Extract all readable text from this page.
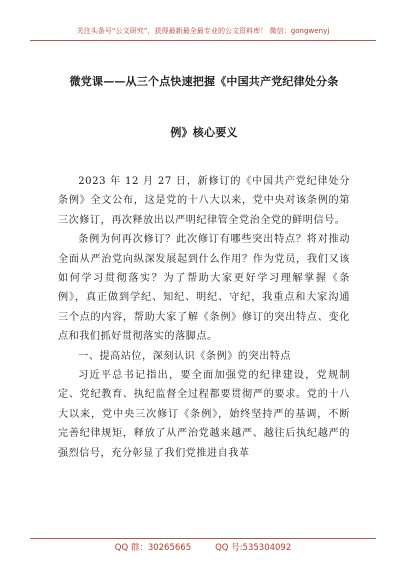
关注头条号“公文研究”，获得最新最全最专业的公文资料库！ 微信：gongwenyj
微党课——从三个点快速把握《中国共产党纪律处分条
例》核心要义

2023 年 12 月 27 日，新修订的《中国共产党纪律处分条例》全文公布，这是党的十八大以来，党中央对该条例的第三次修订，再次释放出以严明纪律管全党治全党的鲜明信号。

条例为何再次修订？此次修订有哪些突出特点？将对推动全面从严治党向纵深发展起到什么作用？作为党员，我们又该如何学习贯彻落实？为了帮助大家更好学习理解掌握《条例》，真正做到学纪、知纪、明纪、守纪，我重点和大家沟通三个点的内容，帮助大家了解《条例》修订的突出特点、变化点和我们抓好贯彻落实的落脚点。

一、提高站位，深刻认识《条例》的突出特点

习近平总书记指出，要全面加强党的纪律建设，党规制定、党纪教育、执纪监督全过程都要贯彻严的要求。党的十八大以来，党中央三次修订《条例》，始终坚持严的基调，不断完善纪律规矩，释放了从严治党越来越严、越往后执纪越严的强烈信号，充分彰显了我们党推进自我革

QQ 群：30265665	QQ 号:535304092
